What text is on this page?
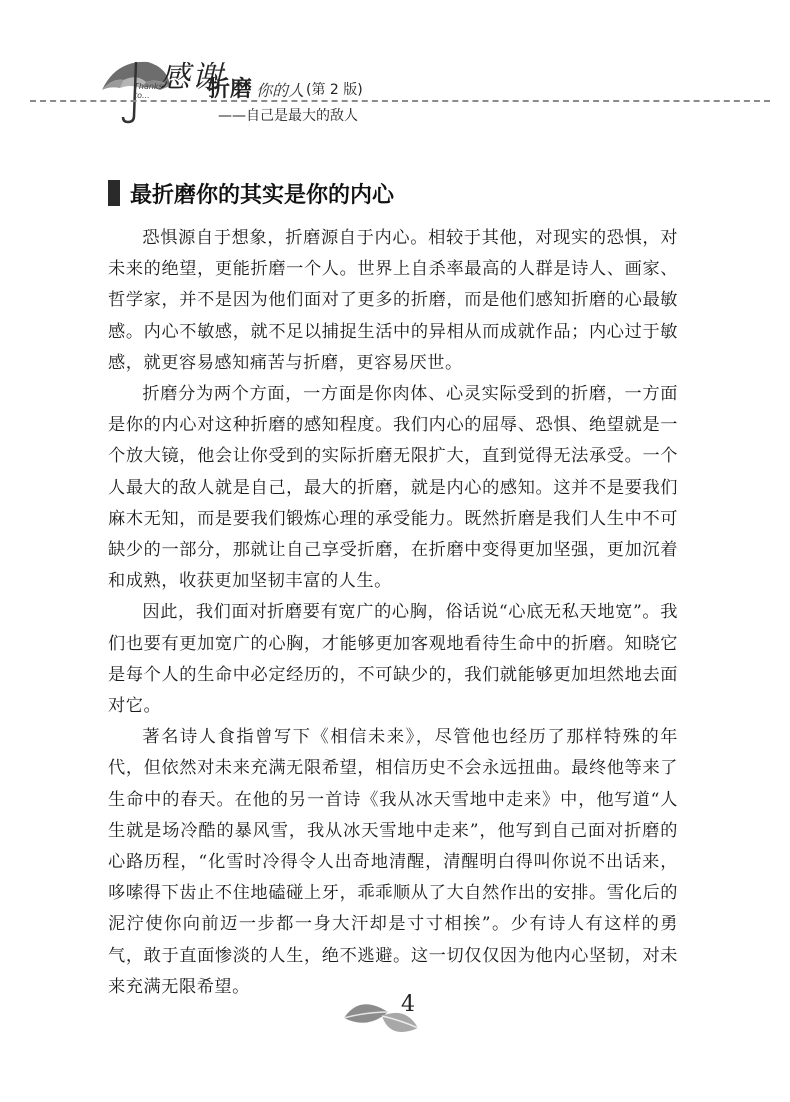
Thanks to...
感谢
折磨 你的人 (第 2 版)
——自己是最大的敌人
最折磨你的其实是你的内心

恐惧源自于想象，折磨源自于内心。相较于其他，对现实的恐惧，对未来的绝望，更能折磨一个人。世界上自杀率最高的人群是诗人、画家、哲学家，并不是因为他们面对了更多的折磨，而是他们感知折磨的心最敏感。内心不敏感，就不足以捕捉生活中的异相从而成就作品；内心过于敏感，就更容易感知痛苦与折磨，更容易厌世。

折磨分为两个方面，一方面是你肉体、心灵实际受到的折磨，一方面是你的内心对这种折磨的感知程度。我们内心的屈辱、恐惧、绝望就是一个放大镜，他会让你受到的实际折磨无限扩大，直到觉得无法承受。一个人最大的敌人就是自己，最大的折磨，就是内心的感知。这并不是要我们麻木无知，而是要我们锻炼心理的承受能力。既然折磨是我们人生中不可缺少的一部分，那就让自己享受折磨，在折磨中变得更加坚强，更加沉着和成熟，收获更加坚韧丰富的人生。

因此，我们面对折磨要有宽广的心胸，俗话说“心底无私天地宽”。我们也要有更加宽广的心胸，才能够更加客观地看待生命中的折磨。知晓它是每个人的生命中必定经历的，不可缺少的，我们就能够更加坦然地去面对它。

著名诗人食指曾写下《相信未来》，尽管他也经历了那样特殊的年代，但依然对未来充满无限希望，相信历史不会永远扭曲。最终他等来了生命中的春天。在他的另一首诗《我从冰天雪地中走来》中，他写道“人生就是场冷酷的暴风雪，我从冰天雪地中走来”，他写到自己面对折磨的心路历程，“化雪时冷得令人出奇地清醒，清醒明白得叫你说不出话来，哆嗦得下齿止不住地磕碰上牙，乖乖顺从了大自然作出的安排。雪化后的泥泞使你向前迈一步都一身大汗却是寸寸相挨”。少有诗人有这样的勇气，敢于直面惨淡的人生，绝不逃避。这一切仅仅因为他内心坚韧，对未来充满无限希望。

4
